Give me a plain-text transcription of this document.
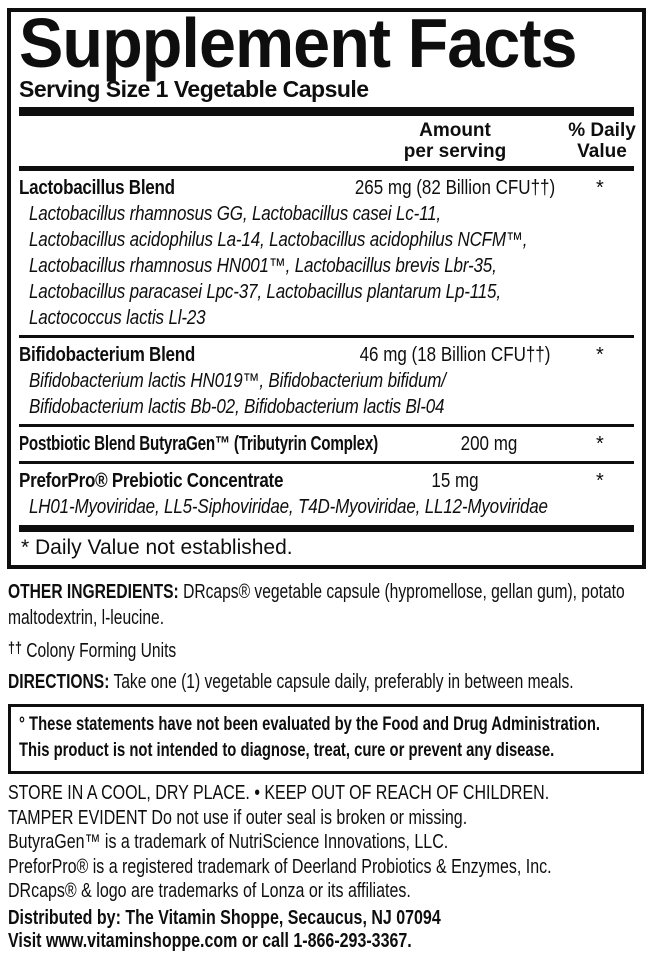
Supplement Facts
Serving Size 1 Vegetable Capsule
Amount
per serving
% Daily
Value
Lactobacillus Blend	265 mg (82 Billion CFU††) *
Lactobacillus rhamnosus GG, Lactobacillus casei Lc-11,
Lactobacillus acidophilus La-14, Lactobacillus acidophilus NCFM™,
Lactobacillus rhamnosus HN001™, Lactobacillus brevis Lbr-35,
Lactobacillus paracasei Lpc-37, Lactobacillus plantarum Lp-115,
Lactococcus lactis Ll-23
Bifidobacterium Blend	46 mg (18 Billion CFU††) *
Bifidobacterium lactis HN019™, Bifidobacterium bifidum/
Bifidobacterium lactis Bb-02, Bifidobacterium lactis Bl-04
Postbiotic Blend ButyraGen™ (Tributyrin Complex)	200 mg	*
PreforPro® Prebiotic Concentrate	15 mg	*
LH01-Myoviridae, LL5-Siphoviridae, T4D-Myoviridae, LL12-Myoviridae
* Daily Value not established.
OTHER INGREDIENTS: DRcaps® vegetable capsule (hypromellose, gellan gum), potato maltodextrin, l-leucine.
†† Colony Forming Units
DIRECTIONS: Take one (1) vegetable capsule daily, preferably in between meals.
° These statements have not been evaluated by the Food and Drug Administration.
This product is not intended to diagnose, treat, cure or prevent any disease.
STORE IN A COOL, DRY PLACE. • KEEP OUT OF REACH OF CHILDREN.
TAMPER EVIDENT Do not use if outer seal is broken or missing.
ButyraGen™ is a trademark of NutriScience Innovations, LLC.
PreforPro® is a registered trademark of Deerland Probiotics & Enzymes, Inc.
DRcaps® & logo are trademarks of Lonza or its affiliates.
Distributed by: The Vitamin Shoppe, Secaucus, NJ 07094
Visit www.vitaminshoppe.com or call 1-866-293-3367.
